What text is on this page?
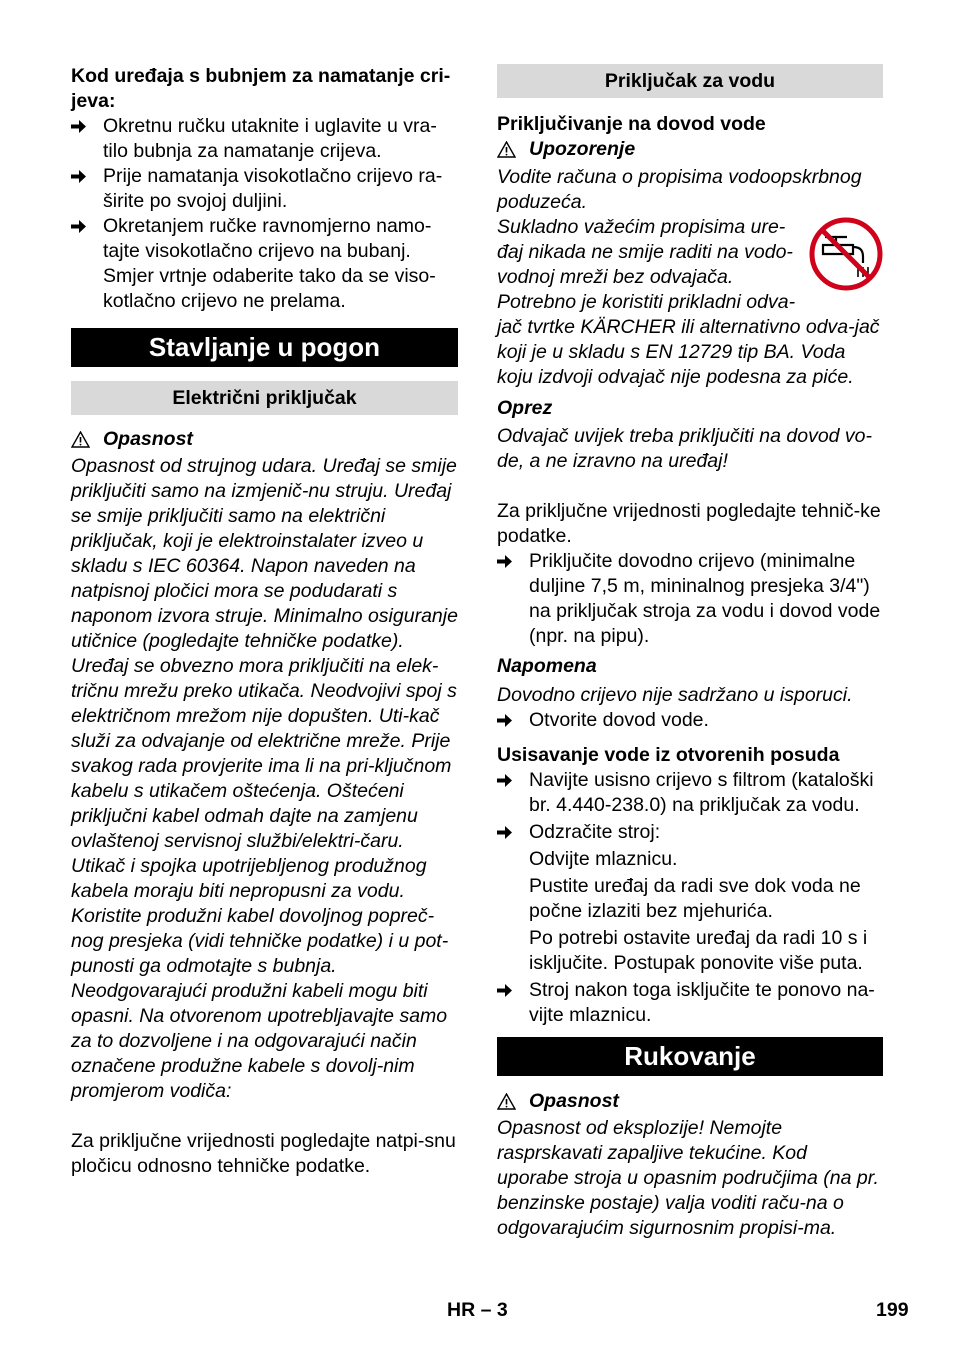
Kod uređaja s bubnjem za namatanje cri-jeva:

Okretnu ručku utaknite i uglavite u vra-tilo bubnja za namatanje crijeva.

Prije namatanja visokotlačno crijevo ra-širite po svojoj duljini.

Okretanjem ručke ravnomjerno namo-tajte visokotlačno crijevo na bubanj. Smjer vrtnje odaberite tako da se viso-kotlačno crijevo ne prelama.

Stavljanje u pogon
Električni priključak
Opasnost

Opasnost od strujnog udara. Uređaj se smije priključiti samo na izmjenič-nu struju. Uređaj se smije priključiti samo na električni priključak, koji je elektroinstalater izveo u skladu s IEC 60364. Napon naveden na natpisnoj pločici mora se podudarati s naponom izvora struje. Minimalno osiguranje utičnice (pogledajte tehničke podatke). Uređaj se obvezno mora priključiti na elek-tričnu mrežu preko utikača. Neodvojivi spoj s električnom mrežom nije dopušten. Uti-kač služi za odvajanje od električne mreže. Prije svakog rada provjerite ima li na pri-ključnom kabelu s utikačem oštećenja. Oštećeni priključni kabel odmah dajte na zamjenu ovlaštenoj servisnoj službi/elektri-čaru. Utikač i spojka upotrijebljenog produžnog kabela moraju biti nepropusni za vodu. Koristite produžni kabel dovoljnog popreč-nog presjeka (vidi tehničke podatke) i u pot-punosti ga odmotajte s bubnja. Neodgovarajući produžni kabeli mogu biti opasni. Na otvorenom upotrebljavajte samo za to dozvoljene i na odgovarajući način označene produžne kabele s dovolj-nim promjerom vodiča:

Za priključne vrijednosti pogledajte natpi-snu pločicu odnosno tehničke podatke.

Priključak za vodu

Priključivanje na dovod vode

Upozorenje

Vodite računa o propisima vodoopskrbnog poduzeća.

Sukladno važećim propisima ure-đaj nikada ne smije raditi na vodo-vodnoj mreži bez odvajača. Potrebno je koristiti prikladni odva-jač tvrtke KÄRCHER ili alternativno odva-jač koji je u skladu s EN 12729 tip BA. Voda koju izdvoji odvajač nije podesna za piće.

Oprez

Odvajač uvijek treba priključiti na dovod vo-de, a ne izravno na uređaj!

Za priključne vrijednosti pogledajte tehnič-ke podatke.

Priključite dovodno crijevo (minimalne duljine 7,5 m, mininalnog presjeka 3/4") na priključak stroja za vodu i dovod vode (npr. na pipu).

Napomena

Dovodno crijevo nije sadržano u isporuci.

Otvorite dovod vode.

Usisavanje vode iz otvorenih posuda

Navijte usisno crijevo s filtrom (kataloški br. 4.440-238.0) na priključak za vodu.

Odzračite stroj:

Odvijte mlaznicu.

Pustite uređaj da radi sve dok voda ne počne izlaziti bez mjehurića.

Po potrebi ostavite uređaj da radi 10 s i isključite. Postupak ponovite više puta.

Stroj nakon toga isključite te ponovo na-vijte mlaznicu.

Rukovanje
Opasnost

Opasnost od eksplozije! Nemojte rasprskavati zapaljive tekućine. Kod uporabe stroja u opasnim područjima (na pr. benzinske postaje) valja voditi raču-na o odgovarajućim sigurnosnim propisi-ma.

HR – 3	199
